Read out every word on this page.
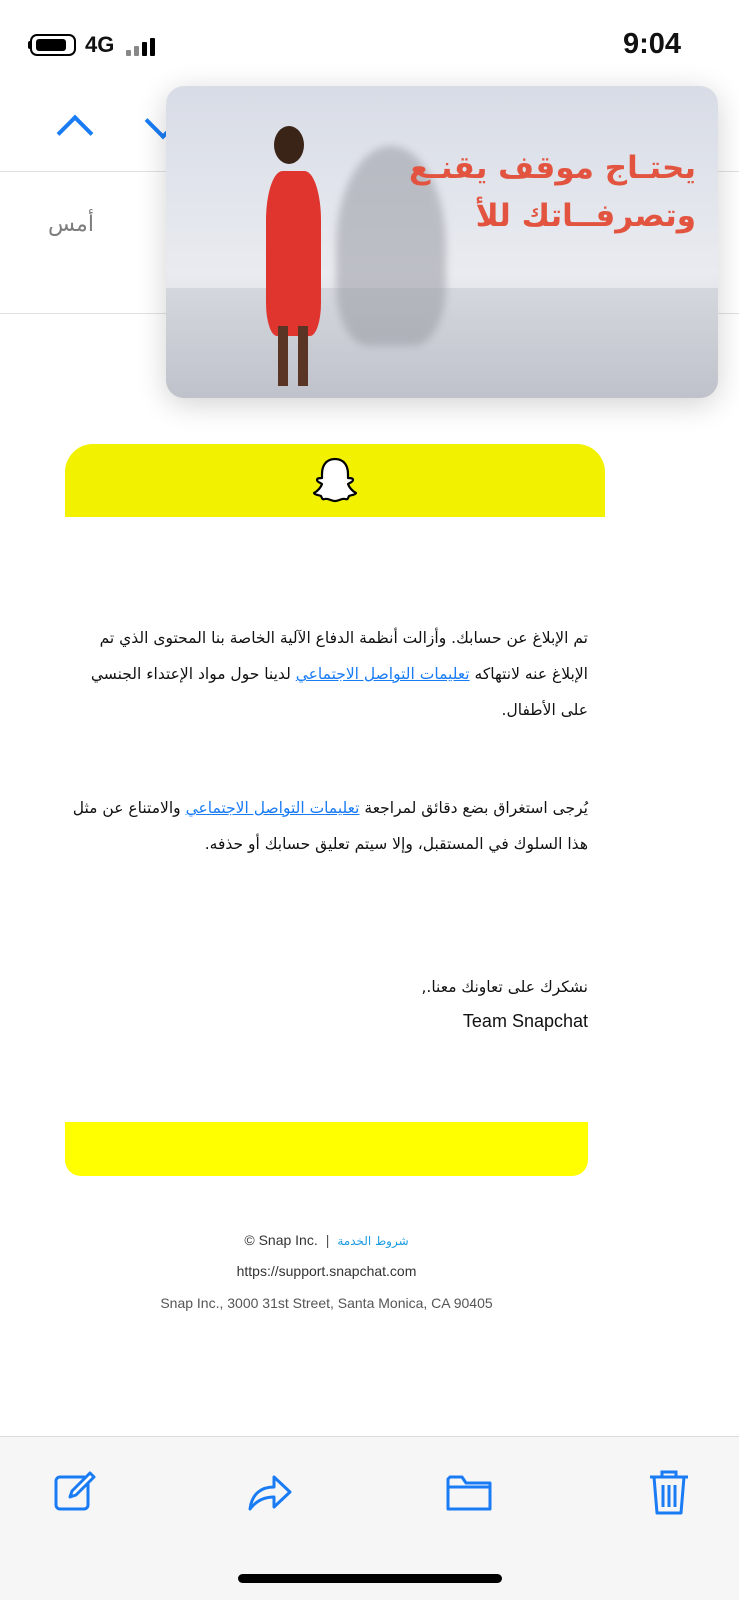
4G	9:04
أمس
يحتـاج موقف يقنـع
وتصرفــاتك للأ
تم الإبلاغ عن حسابك. وأزالت أنظمة الدفاع الآلية الخاصة بنا المحتوى الذي تم الإبلاغ عنه لانتهاكه تعليمات التواصل الاجتماعي لدينا حول مواد الإعتداء الجنسي على الأطفال.
يُرجى استغراق بضع دقائق لمراجعة تعليمات التواصل الاجتماعي والامتناع عن مثل هذا السلوك في المستقبل، وإلا سيتم تعليق حسابك أو حذفه.
نشكرك على تعاونك معنا.,
Team Snapchat
© Snap Inc. | شروط الخدمة
https://support.snapchat.com
Snap Inc., 3000 31st Street, Santa Monica, CA 90405
